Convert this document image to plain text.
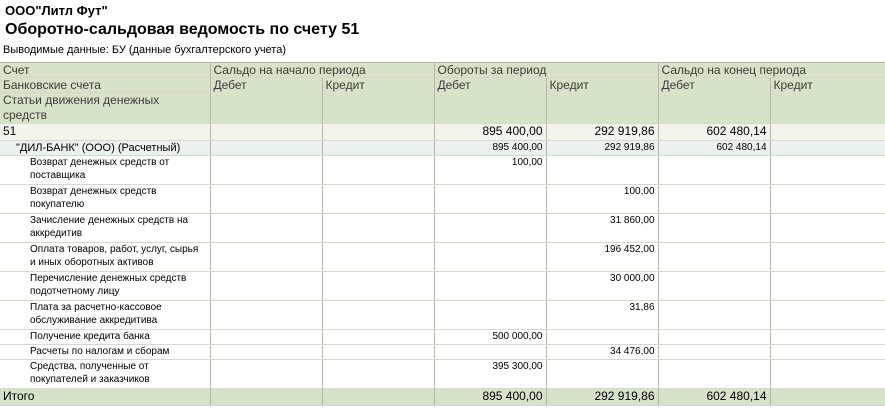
ООО"Литл Фут"
Оборотно-сальдовая ведомость по счету 51
Выводимые данные: БУ (данные бухгалтерского учета)
Счет	Сальдо на начало периода		Обороты за период		Сальдо на конец периода	
Банковские счета	Дебет	Кредит	Дебет	Кредит	Дебет	Кредит
Статьи движения денежных средств						
51			895 400,00	292 919,86	602 480,14	
"ДИЛ-БАНК" (ООО) (Расчетный)			895 400,00	292 919,86	602 480,14	
Возврат денежных средств от поставщика			100,00			
Возврат денежных средств покупателю				100,00		
Зачисление денежных средств на аккредитив				31 860,00		
Оплата товаров, работ, услуг, сырья и иных оборотных активов				196 452,00		
Перечисление денежных средств подотчетному лицу				30 000,00		
Плата за расчетно-кассовое обслуживание аккредитива				31,86		
Получение кредита банка			500 000,00			
Расчеты по налогам и сборам				34 476,00		
Средства, полученные от покупателей и заказчиков			395 300,00			
Итого			895 400,00	292 919,86	602 480,14	
